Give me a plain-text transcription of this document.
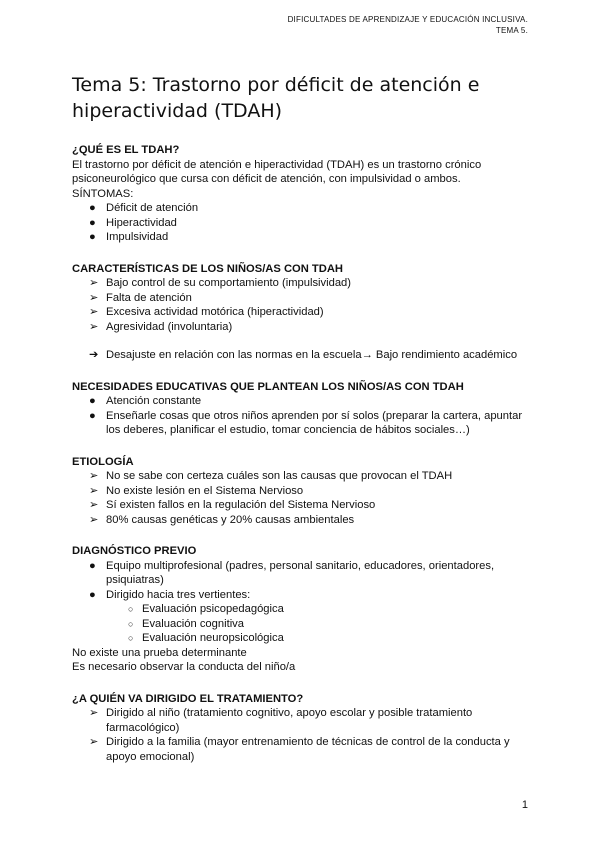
DIFICULTADES DE APRENDIZAJE Y EDUCACIÓN INCLUSIVA.
TEMA 5.
Tema 5: Trastorno por déficit de atención e hiperactividad (TDAH)

¿QUÉ ES EL TDAH?

El trastorno por déficit de atención e hiperactividad (TDAH) es un trastorno crónico psiconeurológico que cursa con déficit de atención, con impulsividad o ambos.

SÍNTOMAS:

● Déficit de atención
● Hiperactividad
● Impulsividad

CARACTERÍSTICAS DE LOS NIÑOS/AS CON TDAH

➢ Bajo control de su comportamiento (impulsividad)
➢ Falta de atención
➢ Excesiva actividad motórica (hiperactividad)
➢ Agresividad (involuntaria)
➔ Desajuste en relación con las normas en la escuela→ Bajo rendimiento académico

NECESIDADES EDUCATIVAS QUE PLANTEAN LOS NIÑOS/AS CON TDAH

● Atención constante
● Enseñarle cosas que otros niños aprenden por sí solos (preparar la cartera, apuntar los deberes, planificar el estudio, tomar conciencia de hábitos sociales…)

ETIOLOGÍA

➢ No se sabe con certeza cuáles son las causas que provocan el TDAH
➢ No existe lesión en el Sistema Nervioso
➢ Sí existen fallos en la regulación del Sistema Nervioso
➢ 80% causas genéticas y 20% causas ambientales

DIAGNÓSTICO PREVIO

● Equipo multiprofesional (padres, personal sanitario, educadores, orientadores, psiquiatras)
● Dirigido hacia tres vertientes:
○ Evaluación psicopedagógica
○ Evaluación cognitiva
○ Evaluación neuropsicológica

No existe una prueba determinante

Es necesario observar la conducta del niño/a

¿A QUIÉN VA DIRIGIDO EL TRATAMIENTO?

➢ Dirigido al niño (tratamiento cognitivo, apoyo escolar y posible tratamiento farmacológico)
➢ Dirigido a la familia (mayor entrenamiento de técnicas de control de la conducta y apoyo emocional)
1
